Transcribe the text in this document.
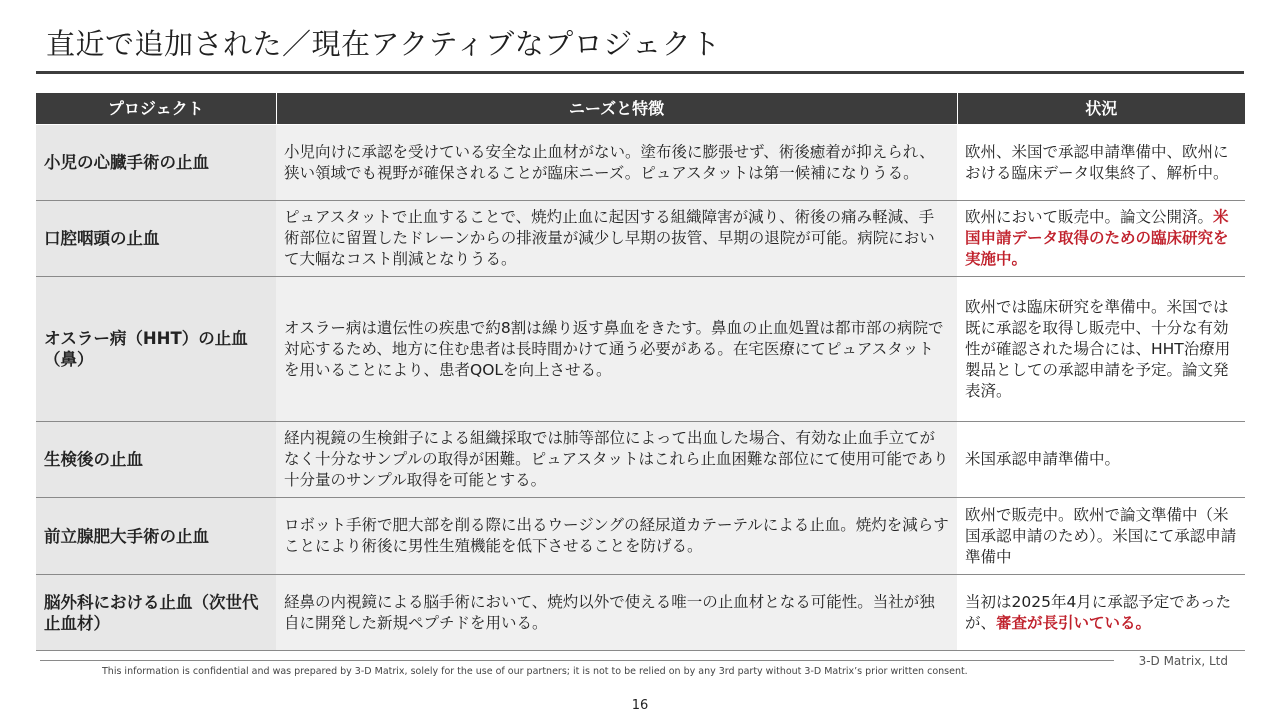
直近で追加された／現在アクティブなプロジェクト
プロジェクト	ニーズと特徴	状況
小児の心臓手術の止血	小児向けに承認を受けている安全な止血材がない。塗布後に膨張せず、術後癒着が抑えられ、狭い領域でも視野が確保されることが臨床ニーズ。ピュアスタットは第一候補になりうる。	欧州、米国で承認申請準備中、欧州における臨床データ収集終了、解析中。
口腔咽頭の止血	ピュアスタットで止血することで、焼灼止血に起因する組織障害が減り、術後の痛み軽減、手術部位に留置したドレーンからの排液量が減少し早期の抜管、早期の退院が可能。病院において大幅なコスト削減となりうる。	欧州において販売中。論文公開済。米国申請データ取得のための臨床研究を実施中。
オスラー病（HHT）の止血（鼻）	オスラー病は遺伝性の疾患で約8割は繰り返す鼻血をきたす。鼻血の止血処置は都市部の病院で対応するため、地方に住む患者は長時間かけて通う必要がある。在宅医療にてピュアスタットを用いることにより、患者QOLを向上させる。	欧州では臨床研究を準備中。米国では既に承認を取得し販売中、十分な有効性が確認された場合には、HHT治療用製品としての承認申請を予定。論文発表済。
生検後の止血	経内視鏡の生検鉗子による組織採取では肺等部位によって出血した場合、有効な止血手立てがなく十分なサンプルの取得が困難。ピュアスタットはこれら止血困難な部位にて使用可能であり十分量のサンプル取得を可能とする。	米国承認申請準備中。
前立腺肥大手術の止血	ロボット手術で肥大部を削る際に出るウージングの経尿道カテーテルによる止血。焼灼を減らすことにより術後に男性生殖機能を低下させることを防げる。	欧州で販売中。欧州で論文準備中（米国承認申請のため）。米国にて承認申請準備中
脳外科における止血（次世代止血材）	経鼻の内視鏡による脳手術において、焼灼以外で使える唯一の止血材となる可能性。当社が独自に開発した新規ペプチドを用いる。	当初は2025年4月に承認予定であったが、審査が長引いている。
3-D Matrix, Ltd
This information is confidential and was prepared by 3-D Matrix, solely for the use of our partners; it is not to be relied on by any 3rd party without 3-D Matrix’s prior written consent.
16
